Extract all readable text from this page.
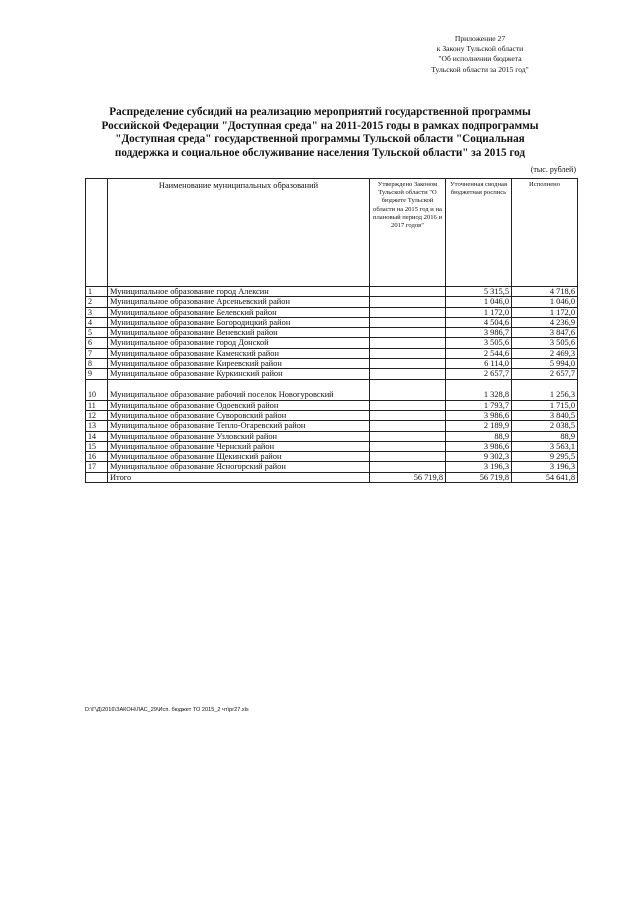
Приложение 27
к Закону Тульской области
"Об исполнении бюджета
Тульской области за 2015 год"
Распределение субсидий на реализацию мероприятий государственной программы
Российской Федерации "Доступная среда" на 2011-2015 годы в рамках подпрограммы
"Доступная среда" государственной программы Тульской области "Социальная
поддержка и социальное обслуживание населения Тульской области" за 2015 год
(тыс. рублей)
	Наименование муниципальных образований	Утверждено Законом Тульской области "О бюджете Тульской области на 2015 год и на плановый период 2016 и 2017 годов"	Уточненная сводная бюджетная роспись	Исполнено
1	Муниципальное образование город Алексин		5 315,5	4 718,6
2	Муниципальное образование Арсеньевский район		1 046,0	1 046,0
3	Муниципальное образование Белевский район		1 172,0	1 172,0
4	Муниципальное образование Богородицкий район		4 504,6	4 236,9
5	Муниципальное образование Веневский район		3 986,7	3 847,6
6	Муниципальное образование город Донской		3 505,6	3 505,6
7	Муниципальное образование Каменский район		2 544,6	2 469,3
8	Муниципальное образование Киреевский район		6 114,0	5 994,0
9	Муниципальное образование Куркинский район		2 657,7	2 657,7
10	Муниципальное образование рабочий поселок Новогуровский		1 328,8	1 256,3
11	Муниципальное образование Одоевский район		1 793,7	1 715,0
12	Муниципальное образование Суворовский район		3 986,6	3 840,5
13	Муниципальное образование Тепло-Огаревский район		2 189,9	2 038,5
14	Муниципальное образование Узловский район		88,9	88,9
15	Муниципальное образование Чернский район		3 986,6	3 563,1
16	Муниципальное образование Щекинский район		9 302,3	9 295,5
17	Муниципальное образование Ясногорский район		3 196,3	3 196,3
	Итого	56 719,8	56 719,8	54 641,8
D:\Г\Д\2016\ЗАКОН\ЛАС_29\Исп. бюджет ТО 2015_2 чт\pr27.xls
